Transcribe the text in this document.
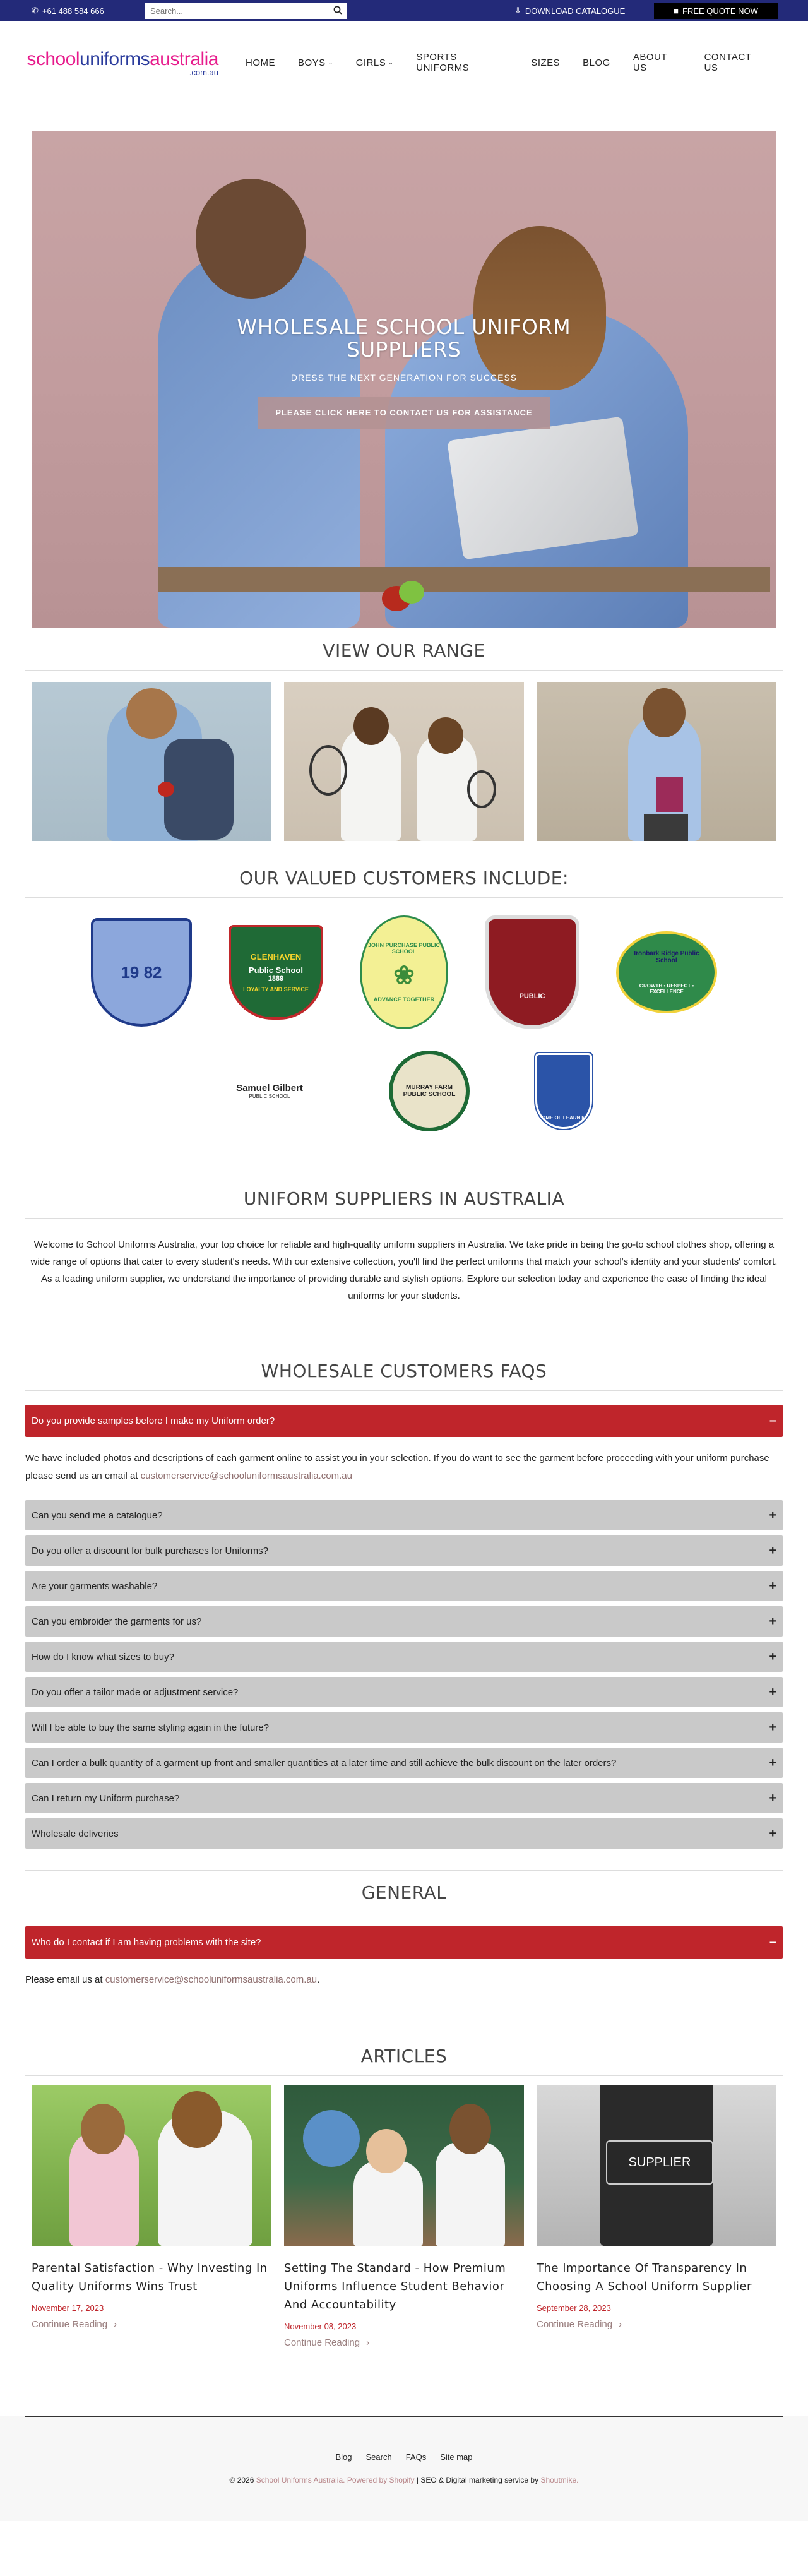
✆ +61 488 584 666
Search...	⇩ DOWNLOAD CATALOGUE	■ FREE QUOTE NOW
schooluniformsaustralia
.com.au
HOME BOYS ⌄ GIRLS ⌄ SPORTS UNIFORMS	SIZES BLOG ABOUT US
CONTACT US
WHOLESALE SCHOOL UNIFORM SUPPLIERS
DRESS THE NEXT GENERATION FOR SUCCESS
PLEASE CLICK HERE TO CONTACT US FOR ASSISTANCE
VIEW OUR RANGE
OUR VALUED CUSTOMERS INCLUDE:
19 82
GLENHAVEN
Public School
1889
LOYALTY AND SERVICE
JOHN PURCHASE PUBLIC SCHOOL
❀
ADVANCE TOGETHER	PUBLIC
Ironbark Ridge Public School
GROWTH • RESPECT • EXCELLENCE
Samuel Gilbert
PUBLIC SCHOOL
MURRAY FARM PUBLIC SCHOOL
HOME OF LEARNING
UNIFORM SUPPLIERS IN AUSTRALIA

Welcome to School Uniforms Australia, your top choice for reliable and high-quality uniform suppliers in Australia. We take pride in being the go-to school clothes shop, offering a wide range of options that cater to every student's needs. With our extensive collection, you'll find the perfect uniforms that match your school's identity and your students' comfort. As a leading uniform supplier, we understand the importance of providing durable and stylish options. Explore our selection today and experience the ease of finding the ideal uniforms for your students.

WHOLESALE CUSTOMERS FAQS
Do you provide samples before I make my Uniform order?	–
We have included photos and descriptions of each garment online to assist you in your selection. If you do want to see the garment before proceeding with your uniform purchase please send us an email at customerservice@schooluniformsaustralia.com.au
Can you send me a catalogue?	+
Do you offer a discount for bulk purchases for Uniforms?	+
Are your garments washable?	+
Can you embroider the garments for us?	+
How do I know what sizes to buy?	+
Do you offer a tailor made or adjustment service?	+
Will I be able to buy the same styling again in the future?	+
Can I order a bulk quantity of a garment up front and smaller quantities at a later time and still achieve the bulk discount on the later orders?	+
Can I return my Uniform purchase?	+
Wholesale deliveries	+
GENERAL
Who do I contact if I am having problems with the site?	–
Please email us at customerservice@schooluniformsaustralia.com.au.
ARTICLES
Parental Satisfaction - Why Investing In Quality Uniforms Wins Trust
November 17, 2023
Continue Reading ›
Setting The Standard - How Premium Uniforms Influence Student Behavior And Accountability
November 08, 2023
Continue Reading ›
SUPPLIER
The Importance Of Transparency In Choosing A School Uniform Supplier
September 28, 2023
Continue Reading ›
Blog Search FAQs Site map
© 2026 School Uniforms Australia. Powered by Shopify | SEO & Digital marketing service by Shoutmike.
